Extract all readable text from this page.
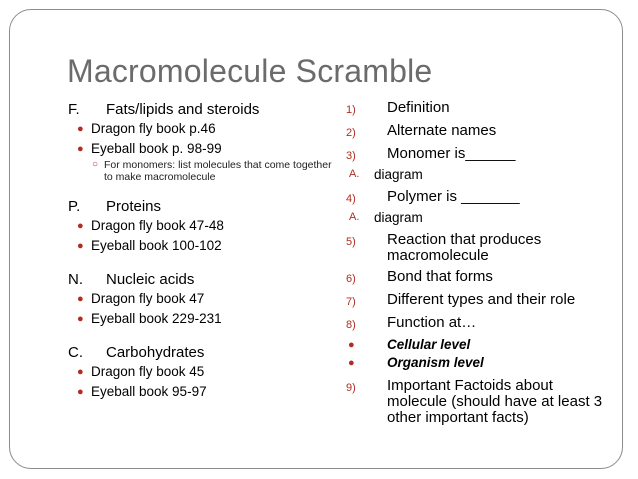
Macromolecule Scramble
F.	Fats/lipids and steroids
● Dragon fly book p.46
● Eyeball book p. 98-99
○ For monomers: list molecules that come together to make macromolecule
P.	Proteins
● Dragon fly book 47-48
● Eyeball book 100-102
N.	Nucleic acids
● Dragon fly book 47
● Eyeball book 229-231
C.	Carbohydrates
● Dragon fly book 45
● Eyeball book 95-97
1)	Definition
2)	Alternate names
3)	Monomer is______
A.	diagram
4)	Polymer is _______
A.	diagram
5)	Reaction that produces macromolecule
6)	Bond that forms
7)	Different types and their role
8)	Function at…
●	Cellular level
●	Organism level
9)	Important Factoids about molecule (should have at least 3 other important facts)
